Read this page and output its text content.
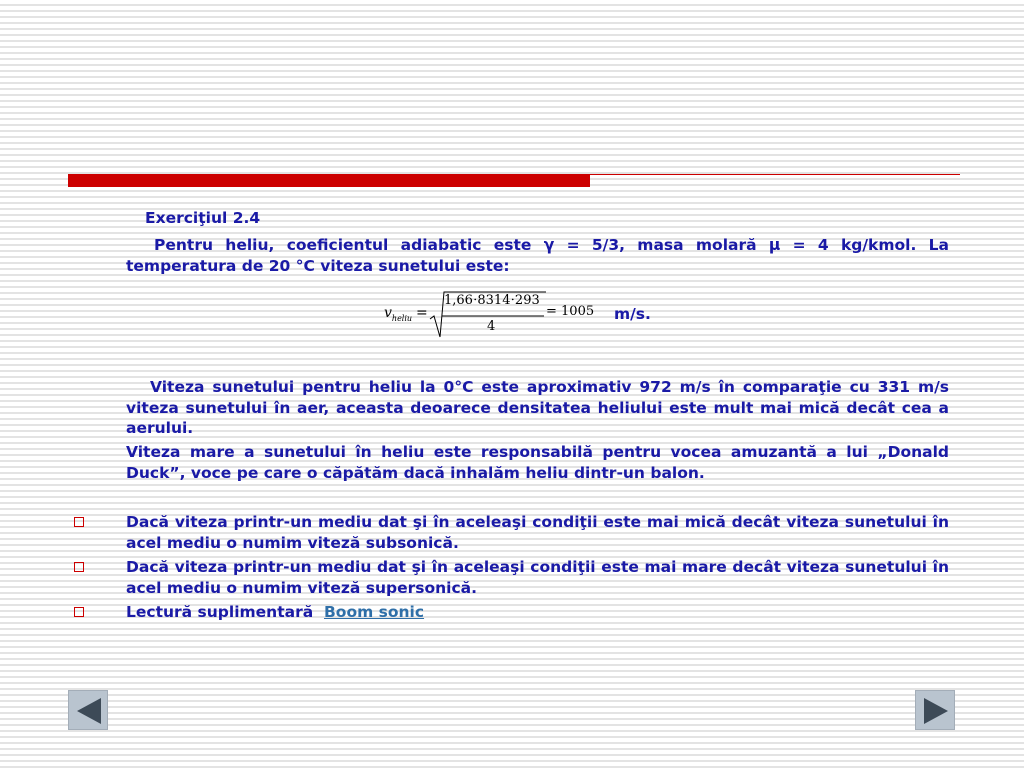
Exerciţiul 2.4
Pentru heliu, coeficientul adiabatic este γ = 5/3, masa molară μ = 4 kg/kmol. La temperatura de 20 °C viteza sunetului este:
$v_{heliu}$ =
1,66⋅8314⋅293
4
= 1005 m/s.
Viteza sunetului pentru heliu la 0°C este aproximativ 972 m/s în comparaţie cu 331 m/s viteza sunetului în aer, aceasta deoarece densitatea heliului este mult mai mică decât cea a aerului.
Viteza mare a sunetului în heliu este responsabilă pentru vocea amuzantă a lui „Donald Duck”, voce pe care o căpătăm dacă inhalăm heliu dintr-un balon.
Dacă viteza printr-un mediu dat şi în aceleaşi condiţii este mai mică decât viteza sunetului în acel mediu o numim viteză subsonică.
Dacă viteza printr-un mediu dat şi în aceleaşi condiţii este mai mare decât viteza sunetului în acel mediu o numim viteză supersonică.
Lectură suplimentară Boom sonic
